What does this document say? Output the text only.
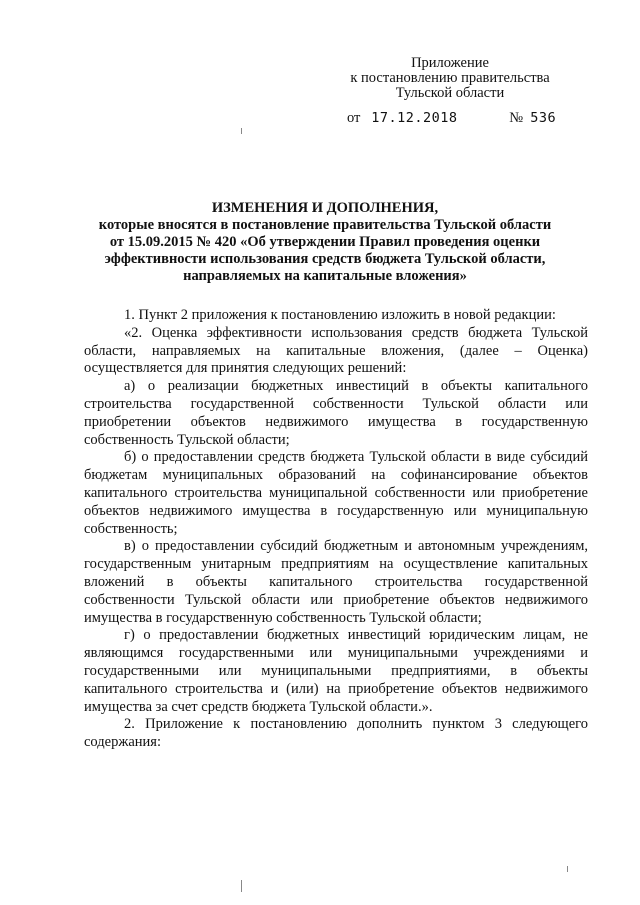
Приложение
к постановлению правительства
Тульской области
от 17.12.2018	№ 536
ИЗМЕНЕНИЯ И ДОПОЛНЕНИЯ,
которые вносятся в постановление правительства Тульской области
от 15.09.2015 № 420 «Об утверждении Правил проведения оценки
эффективности использования средств бюджета Тульской области,
направляемых на капитальные вложения»

1. Пункт 2 приложения к постановлению изложить в новой редакции:

«2. Оценка эффективности использования средств бюджета Тульской области, направляемых на капитальные вложения, (далее – Оценка) осуществляется для принятия следующих решений:

а) о реализации бюджетных инвестиций в объекты капитального строительства государственной собственности Тульской области или приобретении объектов недвижимого имущества в государственную собственность Тульской области;

б) о предоставлении средств бюджета Тульской области в виде субсидий бюджетам муниципальных образований на софинансирование объектов капитального строительства муниципальной собственности или приобретение объектов недвижимого имущества в государственную или муниципальную собственность;

в) о предоставлении субсидий бюджетным и автономным учреждениям, государственным унитарным предприятиям на осуществление капитальных вложений в объекты капитального строительства государственной собственности Тульской области или приобретение объектов недвижимого имущества в государственную собственность Тульской области;

г) о предоставлении бюджетных инвестиций юридическим лицам, не являющимся государственными или муниципальными учреждениями и государственными или муниципальными предприятиями, в объекты капитального строительства и (или) на приобретение объектов недвижимого имущества за счет средств бюджета Тульской области.».

2. Приложение к постановлению дополнить пунктом 3 следующего содержания:
